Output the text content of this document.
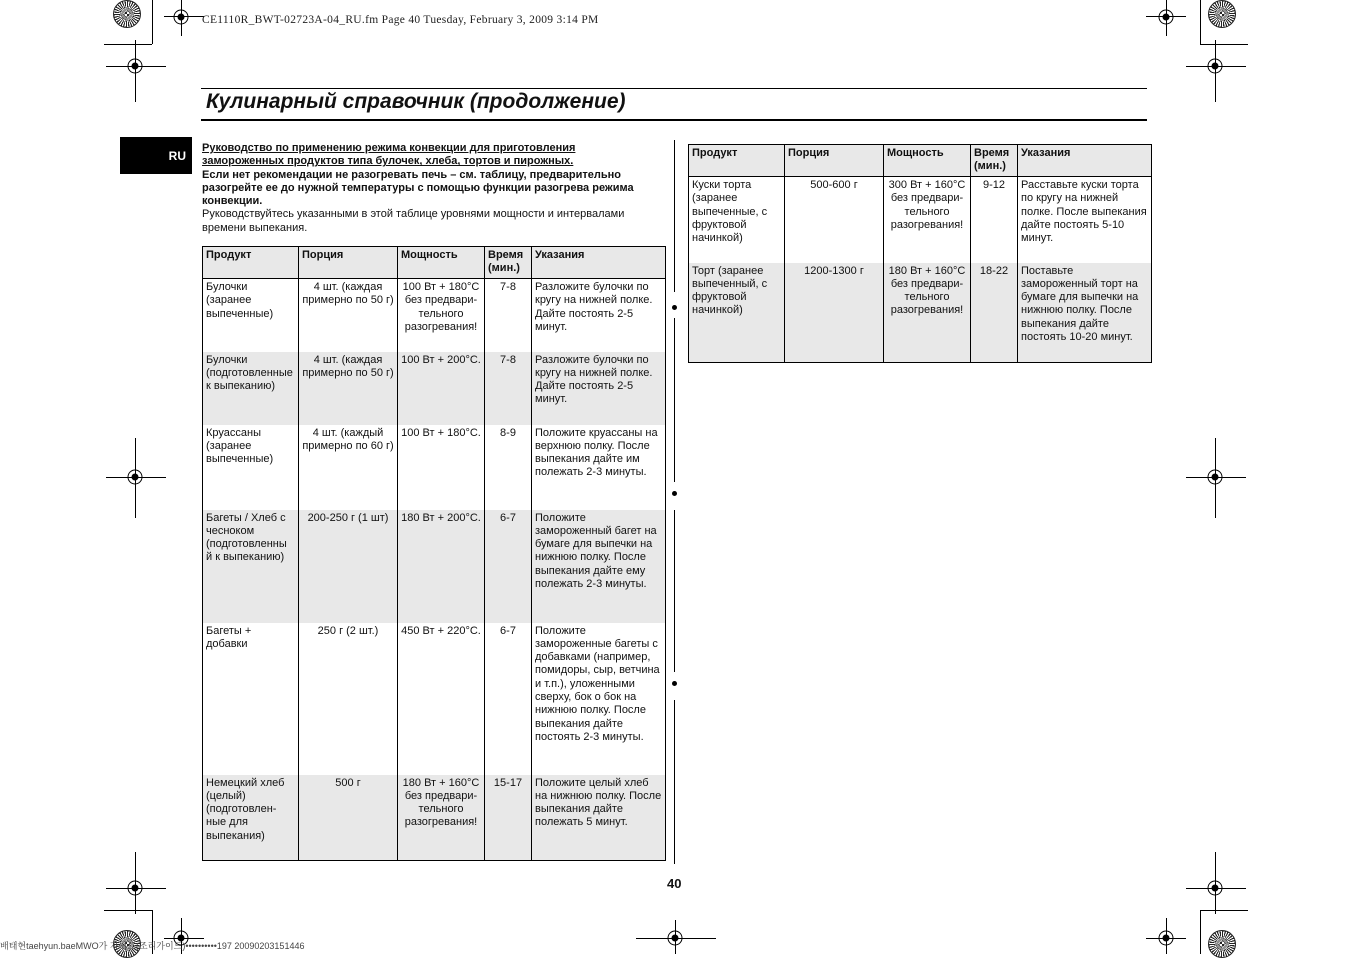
CE1110R_BWT-02723A-04_RU.fm Page 40 Tuesday, February 3, 2009 3:14 PM
Кулинарный справочник (продолжение)
RU
Руководство по применению режима конвекции для приготовления
замороженных продуктов типа булочек, хлеба, тортов и пирожных.
Если нет рекомендации не разогревать печь – см. таблицу, предварительно разогрейте ее до нужной температуры с помощью функции разогрева режима конвекции.
Руководствуйтесь указанными в этой таблице уровнями мощности и интервалами времени выпекания.
Продукт	Порция	Мощность	Время (мин.)	Указания
Булочки (заранее выпеченные)	4 шт. (каждая примерно по 50 г)	100 Вт + 180°C без предвари-тельного разогревания!	7-8	Разложите булочки по кругу на нижней полке. Дайте постоять 2-5 минут.
Булочки (подготовленные к выпеканию)	4 шт. (каждая примерно по 50 г)	100 Вт + 200°C.	7-8	Разложите булочки по кругу на нижней полке. Дайте постоять 2-5 минут.
Круассаны (заранее выпеченные)	4 шт. (каждый примерно по 60 г)	100 Вт + 180°C.	8-9	Положите круассаны на верхнюю полку. После выпекания дайте им полежать 2-3 минуты.
Багеты / Хлеб с чесноком (подготовленны й к выпеканию)	200-250 г (1 шт)	180 Вт + 200°C.	6-7	Положите замороженный багет на бумаге для выпечки на нижнюю полку. После выпекания дайте ему полежать 2-3 минуты.
Багеты + добавки	250 г (2 шт.)	450 Вт + 220°C.	6-7	Положите замороженные багеты с добавками (например, помидоры, сыр, ветчина и т.п.), уложенными сверху, бок о бок на нижнюю полку. После выпекания дайте постоять 2-3 минуты.
Немецкий хлеб (целый) (подготовлен-ные для выпекания)	500 г	180 Вт + 160°C без предвари-тельного разогревания!	15-17	Положите целый хлеб на нижнюю полку. После выпекания дайте полежать 5 минут.
Продукт	Порция	Мощность	Время (мин.)	Указания
Куски торта (заранее выпеченные, с фруктовой начинкой)	500-600 г	300 Вт + 160°C без предвари-тельного разогревания!	9-12	Расставьте куски торта по кругу на нижней полке. После выпекания дайте постоять 5-10 минут.
Торт (заранее выпеченный, с фруктовой начинкой)	1200-1300 г	180 Вт + 160°C без предвари-тельного разогревания!	18-22	Поставьте замороженный торт на бумаге для выпечки на нижнюю полку. После выпекания дайте постоять 10-20 минут.
40
배태현taehyun.baeMWO가 가이드(조리가이드)••••••••••197 20090203151446
